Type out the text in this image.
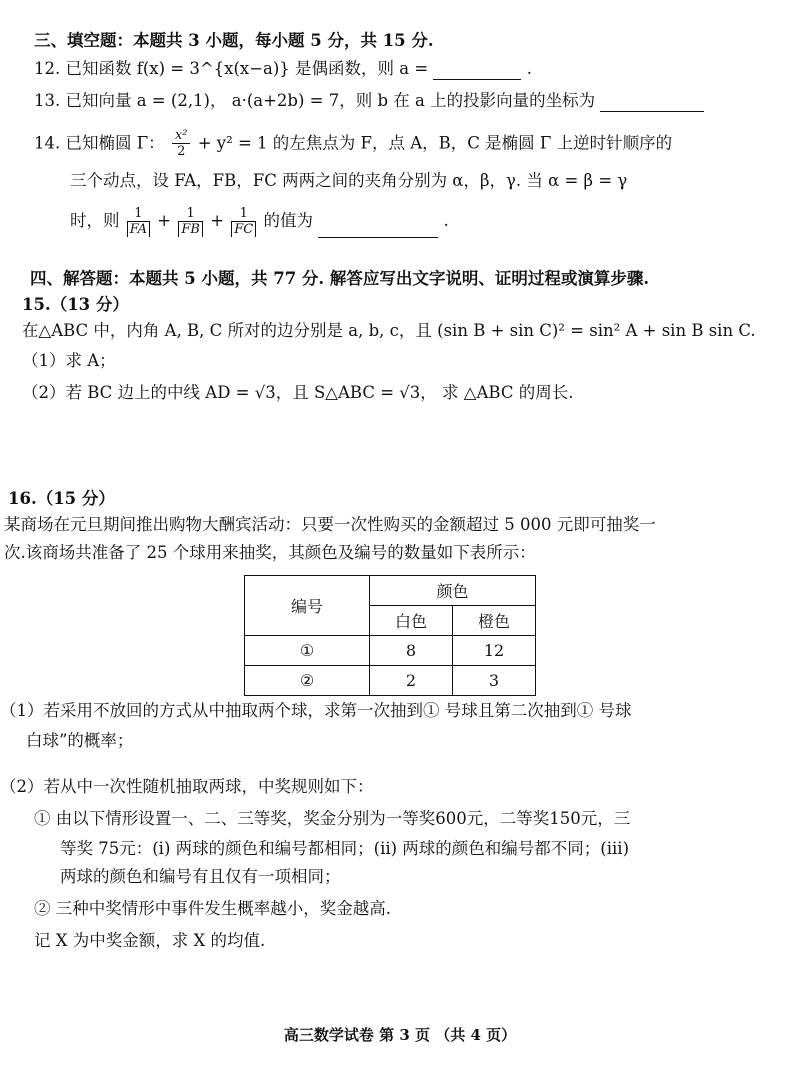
三、填空题：本题共 3 小题，每小题 5 分，共 15 分.
12. 已知函数 f(x) = 3^{x(x−a)} 是偶函数，则 a =	.
13. 已知向量 a = (2,1)， a·(a+2b) = 7，则 b 在 a 上的投影向量的坐标为
14. 已知椭圆 Γ： $\frac{\text{x²}}{2} + y^2 = 1$ 的左焦点为 F，点 A，B，C 是椭圆 Γ 上逆时针顺序的
三个动点，设 FA，FB，FC 两两之间的夹角分别为 α，β，γ. 当 α = β = γ
时，则 $\frac{1}{FA} + \frac{1}{FB} + \frac{1}{FC}$ 的值为	.
四、解答题：本题共 5 小题，共 77 分. 解答应写出文字说明、证明过程或演算步骤.
15.（13 分）
在△ABC 中，内角 A, B, C 所对的边分别是 a, b, c，且 (sin B + sin C)² = sin² A + sin B sin C.
（1）求 A；
（2）若 BC 边上的中线 AD = √3，且 S△ABC = √3， 求 △ABC 的周长.
16.（15 分）
某商场在元旦期间推出购物大酬宾活动：只要一次性购买的金额超过 5 000 元即可抽奖一
次.该商场共准备了 25 个球用来抽奖，其颜色及编号的数量如下表所示：
编号	颜色	
	白色	橙色
①	8	12
②	2	3
（1）若采用不放回的方式从中抽取两个球，求第一次抽到① 号球且第二次抽到① 号球
白球”的概率；
（2）若从中一次性随机抽取两球，中奖规则如下：
① 由以下情形设置一、二、三等奖，奖金分别为一等奖600元，二等奖150元，三
等奖 75元：(i) 两球的颜色和编号都相同；(ii) 两球的颜色和编号都不同；(iii)
两球的颜色和编号有且仅有一项相同；
② 三种中奖情形中事件发生概率越小，奖金越高.
记 X 为中奖金额，求 X 的均值.
高三数学试卷 第 3 页 （共 4 页）
